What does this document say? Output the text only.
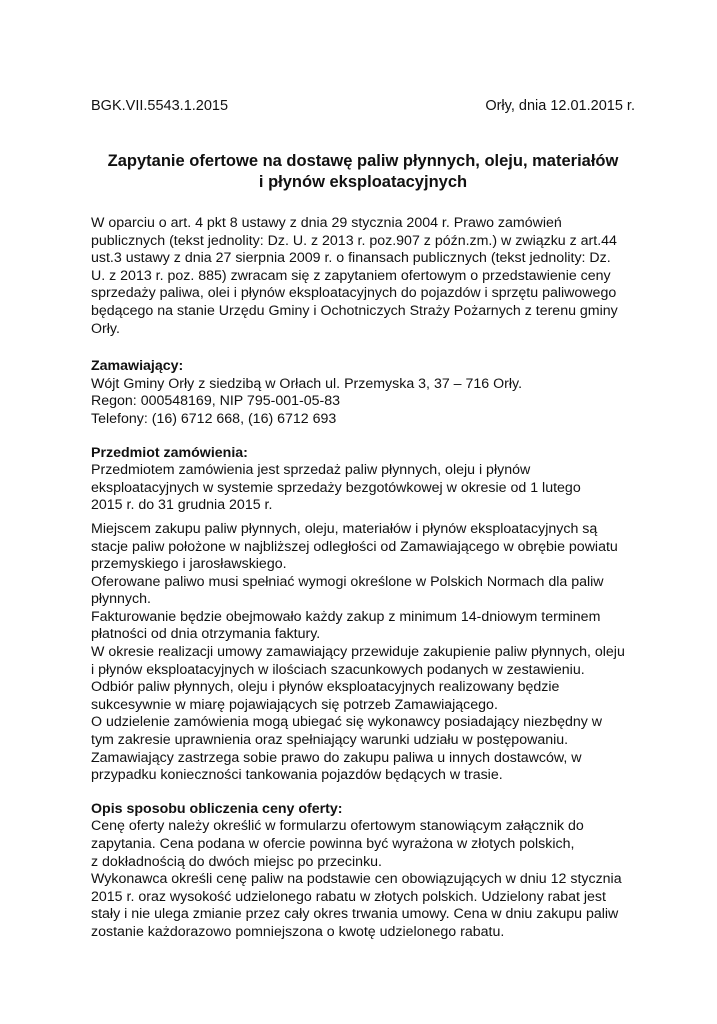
BGK.VII.5543.1.2015	Orły, dnia 12.01.2015 r.
Zapytanie ofertowe na dostawę paliw płynnych, oleju, materiałów
i płynów eksploatacyjnych
W oparciu o art. 4 pkt 8 ustawy z dnia 29 stycznia 2004 r. Prawo zamówień
publicznych (tekst jednolity: Dz. U. z 2013 r. poz.907 z późn.zm.) w związku z art.44
ust.3 ustawy z dnia 27 sierpnia 2009 r. o finansach publicznych (tekst jednolity: Dz.
U. z 2013 r. poz. 885) zwracam się z zapytaniem ofertowym o przedstawienie ceny
sprzedaży paliwa, olei i płynów eksploatacyjnych do pojazdów i sprzętu paliwowego
będącego na stanie Urzędu Gminy i Ochotniczych Straży Pożarnych z terenu gminy
Orły.
Zamawiający:
Wójt Gminy Orły z siedzibą w Orłach ul. Przemyska 3, 37 – 716 Orły.
Regon: 000548169, NIP 795-001-05-83
Telefony: (16) 6712 668, (16) 6712 693
Przedmiot zamówienia:
Przedmiotem zamówienia jest sprzedaż paliw płynnych, oleju i płynów
eksploatacyjnych w systemie sprzedaży bezgotówkowej w okresie od 1 lutego
2015 r. do 31 grudnia 2015 r.
Miejscem zakupu paliw płynnych, oleju, materiałów i płynów eksploatacyjnych są
stacje paliw położone w najbliższej odległości od Zamawiającego w obrębie powiatu
przemyskiego i jarosławskiego.
Oferowane paliwo musi spełniać wymogi określone w Polskich Normach dla paliw
płynnych.
Fakturowanie będzie obejmowało każdy zakup z minimum 14-dniowym terminem
płatności od dnia otrzymania faktury.
W okresie realizacji umowy zamawiający przewiduje zakupienie paliw płynnych, oleju
i płynów eksploatacyjnych w ilościach szacunkowych podanych w zestawieniu.
Odbiór paliw płynnych, oleju i płynów eksploatacyjnych realizowany będzie
sukcesywnie w miarę pojawiających się potrzeb Zamawiającego.
O udzielenie zamówienia mogą ubiegać się wykonawcy posiadający niezbędny w
tym zakresie uprawnienia oraz spełniający warunki udziału w postępowaniu.
Zamawiający zastrzega sobie prawo do zakupu paliwa u innych dostawców, w
przypadku konieczności tankowania pojazdów będących w trasie.
Opis sposobu obliczenia ceny oferty:
Cenę oferty należy określić w formularzu ofertowym stanowiącym załącznik do
zapytania. Cena podana w ofercie powinna być wyrażona w złotych polskich,
z dokładnością do dwóch miejsc po przecinku.
Wykonawca określi cenę paliw na podstawie cen obowiązujących w dniu 12 stycznia
2015 r. oraz wysokość udzielonego rabatu w złotych polskich. Udzielony rabat jest
stały i nie ulega zmianie przez cały okres trwania umowy. Cena w dniu zakupu paliw
zostanie każdorazowo pomniejszona o kwotę udzielonego rabatu.
